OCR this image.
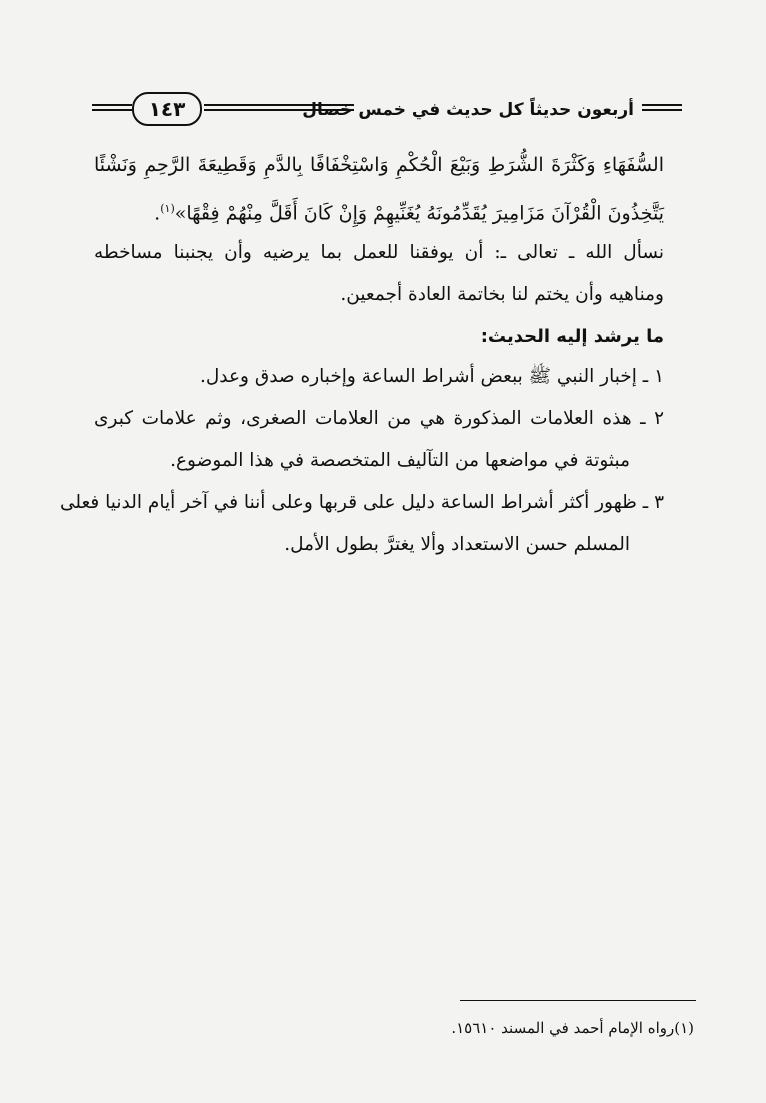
أربعون حديثاً كل حديث في خمس خصال
١٤٣
السُّفَهَاءِ وَكَثْرَةَ الشُّرَطِ وَبَيْعَ الْحُكْمِ وَاسْتِخْفَافًا بِالدَّمِ وَقَطِيعَةَ الرَّحِمِ وَنَشْئًا
يَتَّخِذُونَ الْقُرْآنَ مَزَامِيرَ يُقَدِّمُونَهُ يُغَنِّيهِمْ وَإِنْ كَانَ أَقَلَّ مِنْهُمْ فِقْهًا»$^{(١)}$.
نسأل الله ـ تعالى ـ: أن يوفقنا للعمل بما يرضيه وأن يجنبنا مساخطه
ومناهيه وأن يختم لنا بخاتمة العادة أجمعين.
ما يرشد إليه الحديث:
١ ـ إخبار النبي ﷺ ببعض أشراط الساعة وإخباره صدق وعدل.
٢ ـ هذه العلامات المذكورة هي من العلامات الصغرى، وثم علامات كبرى
مبثوتة في مواضعها من التآليف المتخصصة في هذا الموضوع.
٣ ـ ظهور أكثر أشراط الساعة دليل على قربها وعلى أننا في آخر أيام الدنيا فعلى
المسلم حسن الاستعداد وألا يغترَّ بطول الأمل.
(١)رواه الإمام أحمد في المسند ١٥٦١٠.
